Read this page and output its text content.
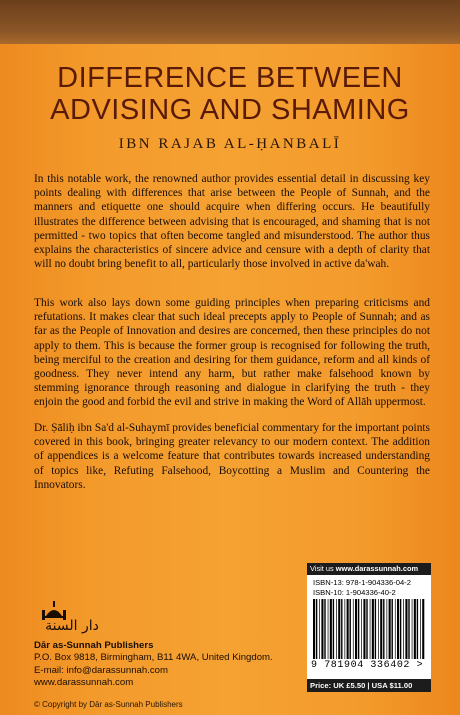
DIFFERENCE BETWEEN
ADVISING AND SHAMING
IBN RAJAB AL-ḤANBALĪ

In this notable work, the renowned author provides essential detail in discussing key points dealing with differences that arise between the People of Sunnah, and the manners and etiquette one should acquire when differing occurs. He beautifully illustrates the difference between advising that is encouraged, and shaming that is not permitted - two topics that often become tangled and misunderstood. The author thus explains the characteristics of sincere advice and censure with a depth of clarity that will no doubt bring benefit to all, particularly those involved in active da'wah.

This work also lays down some guiding principles when preparing criticisms and refutations. It makes clear that such ideal precepts apply to People of Sunnah; and as far as the People of Innovation and desires are concerned, then these principles do not apply to them. This is because the former group is recognised for following the truth, being merciful to the creation and desiring for them guidance, reform and all kinds of goodness. They never intend any harm, but rather make falsehood known by stemming ignorance through reasoning and dialogue in clarifying the truth - they enjoin the good and forbid the evil and strive in making the Word of Allāh uppermost.

Dr. Ṣāliḥ ibn Sa'd al-Suhaymī provides beneficial commentary for the important points covered in this book, bringing greater relevancy to our modern context. The addition of appendices is a welcome feature that contributes towards increased understanding of topics like, Refuting Falsehood, Boycotting a Muslim and Countering the Innovators.

دار السنة
Dār as-Sunnah Publishers
P.O. Box 9818, Birmingham, B11 4WA, United Kingdom.
E-mail: info@darassunnah.com
www.darassunnah.com
© Copyright by Dār as-Sunnah Publishers
Visit us www.darassunnah.com
ISBN-13: 978-1-904336-04-2
ISBN-10: 1-904336-40-2
9 781904 336402 >
Price: UK £5.50 | USA $11.00
